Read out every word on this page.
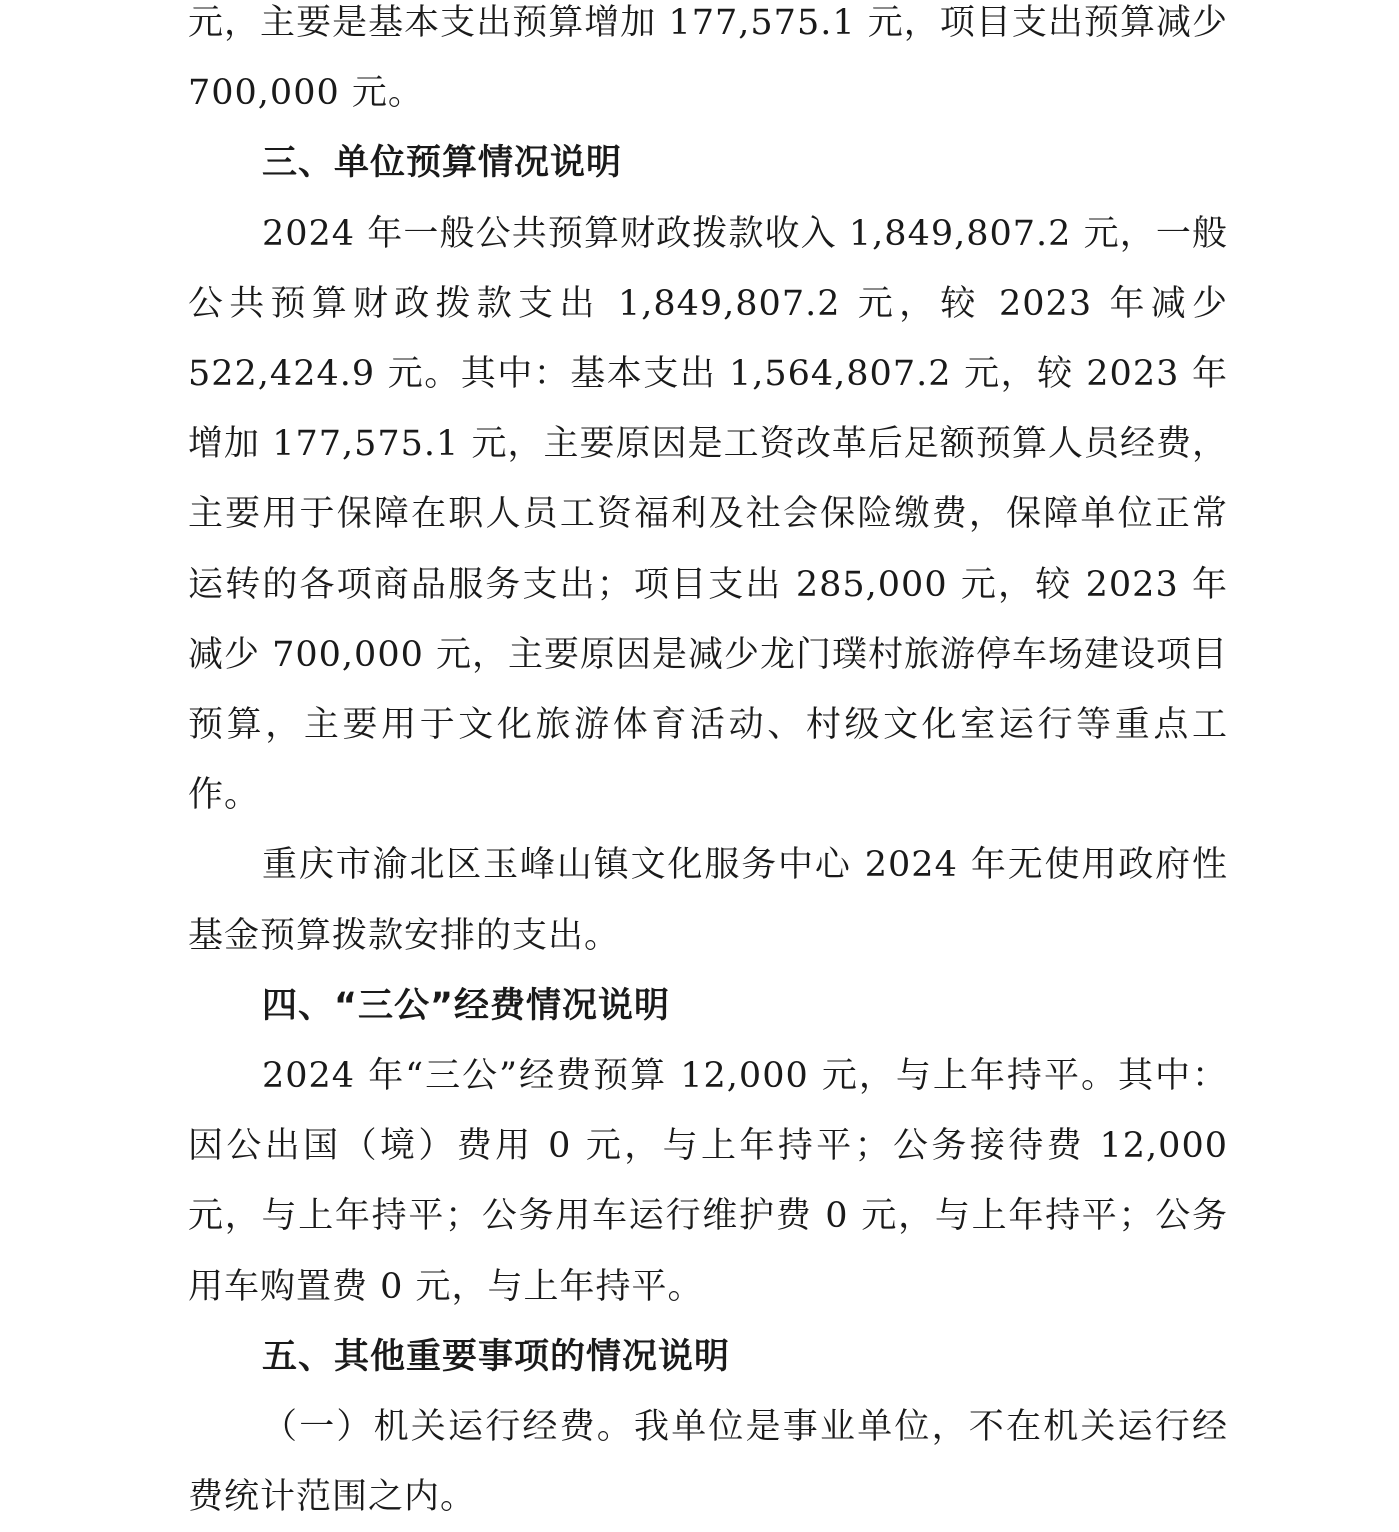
元，主要是基本支出预算增加 177,575.1 元，项目支出预算减少 700,000 元。

三、单位预算情况说明

2024 年一般公共预算财政拨款收入 1,849,807.2 元，一般公共预算财政拨款支出 1,849,807.2 元，较 2023 年减少 522,424.9 元。其中：基本支出 1,564,807.2 元，较 2023 年增加 177,575.1 元，主要原因是工资改革后足额预算人员经费，主要用于保障在职人员工资福利及社会保险缴费，保障单位正常运转的各项商品服务支出；项目支出 285,000 元，较 2023 年减少 700,000 元，主要原因是减少龙门璞村旅游停车场建设项目预算，主要用于文化旅游体育活动、村级文化室运行等重点工作。

重庆市渝北区玉峰山镇文化服务中心 2024 年无使用政府性基金预算拨款安排的支出。

四、“三公”经费情况说明

2024 年“三公”经费预算 12,000 元，与上年持平。其中：因公出国（境）费用 0 元，与上年持平；公务接待费 12,000 元，与上年持平；公务用车运行维护费 0 元，与上年持平；公务用车购置费 0 元，与上年持平。

五、其他重要事项的情况说明

（一）机关运行经费。我单位是事业单位，不在机关运行经费统计范围之内。
